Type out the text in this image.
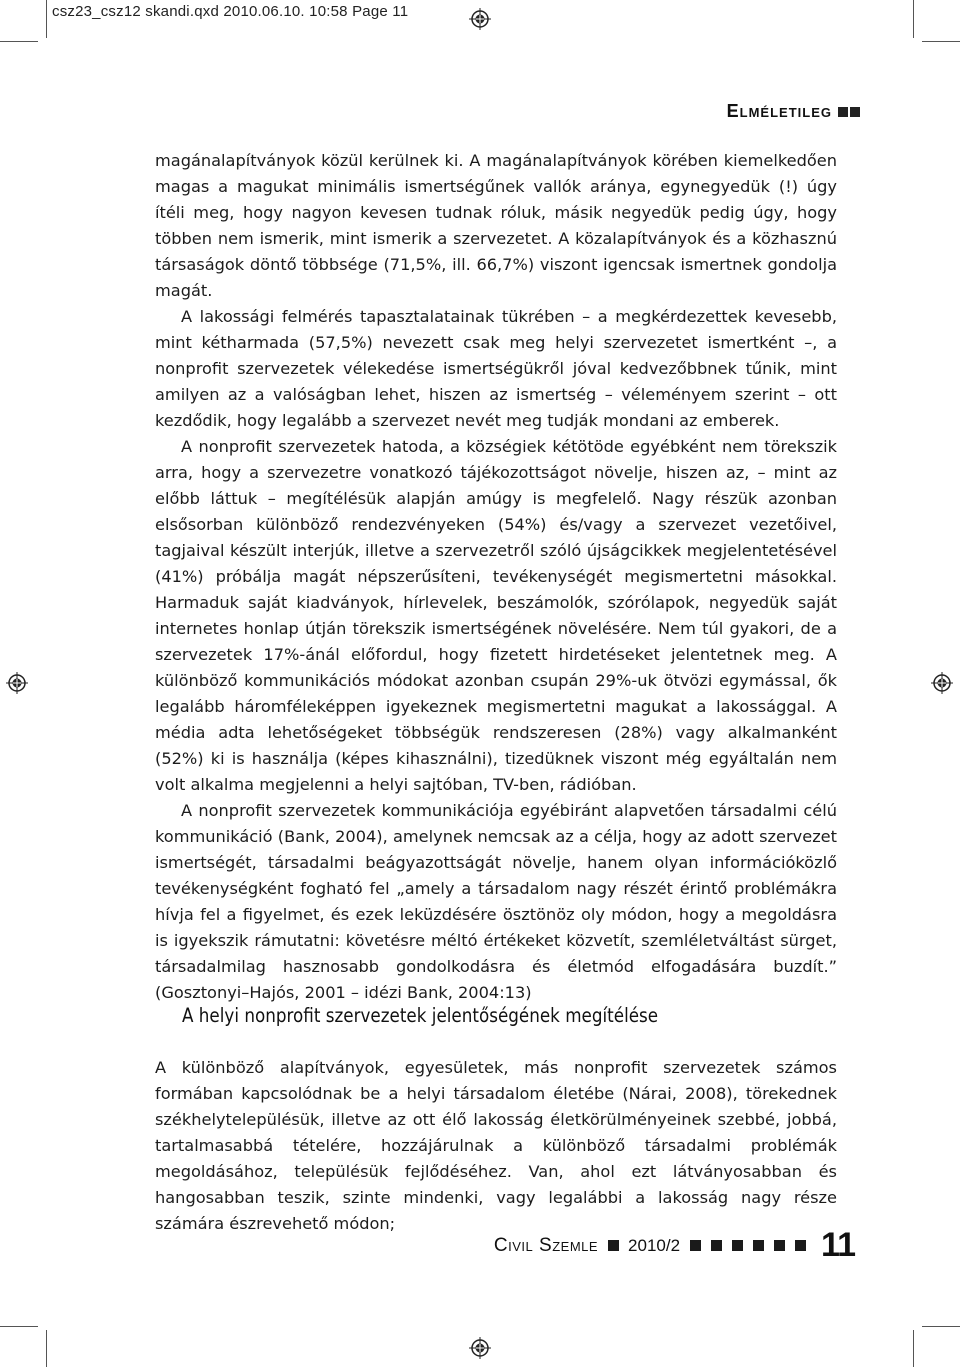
csz23_csz12 skandi.qxd 2010.06.10. 10:58 Page 11
Elméletileg

magánalapítványok közül kerülnek ki. A magánalapítványok körében kiemelkedően magas a magukat minimális ismertségűnek vallók aránya, egynegyedük (!) úgy ítéli meg, hogy nagyon kevesen tudnak róluk, másik negyedük pedig úgy, hogy többen nem ismerik, mint ismerik a szervezetet. A közalapítványok és a közhasznú társaságok döntő többsége (71,5%, ill. 66,7%) viszont igencsak ismertnek gondolja magát.

A lakossági felmérés tapasztalatainak tükrében – a megkérdezettek kevesebb, mint kétharmada (57,5%) nevezett csak meg helyi szervezetet ismertként –, a nonprofit szervezetek vélekedése ismertségükről jóval kedvezőbbnek tűnik, mint amilyen az a valóságban lehet, hiszen az ismertség – véleményem szerint – ott kezdődik, hogy legalább a szervezet nevét meg tudják mondani az emberek.

A nonprofit szervezetek hatoda, a községiek kétötöde egyébként nem törekszik arra, hogy a szervezetre vonatkozó tájékozottságot növelje, hiszen az, – mint az előbb láttuk – megítélésük alapján amúgy is megfelelő. Nagy részük azonban elsősorban különböző rendezvényeken (54%) és/vagy a szervezet vezetőivel, tagjaival készült interjúk, illetve a szervezetről szóló újságcikkek megjelentetésével (41%) próbálja magát népszerűsíteni, tevékenységét megismertetni másokkal. Harmaduk saját kiadványok, hírlevelek, beszámolók, szórólapok, negyedük saját internetes honlap útján törekszik ismertségének növelésére. Nem túl gyakori, de a szervezetek 17%-ánál előfordul, hogy fizetett hirdetéseket jelentetnek meg. A különböző kommunikációs módokat azonban csupán 29%-uk ötvözi egymással, ők legalább háromféleképpen igyekeznek megismertetni magukat a lakossággal. A média adta lehetőségeket többségük rendszeresen (28%) vagy alkalmanként (52%) ki is használja (képes kihasználni), tizedüknek viszont még egyáltalán nem volt alkalma megjelenni a helyi sajtóban, TV-ben, rádióban.

A nonprofit szervezetek kommunikációja egyébiránt alapvetően társadalmi célú kommunikáció (Bank, 2004), amelynek nemcsak az a célja, hogy az adott szervezet ismertségét, társadalmi beágyazottságát növelje, hanem olyan információközlő tevékenységként fogható fel „amely a társadalom nagy részét érintő problémákra hívja fel a figyelmet, és ezek leküzdésére ösztönöz oly módon, hogy a megoldásra is igyekszik rámutatni: követésre méltó értékeket közvetít, szemléletváltást sürget, társadalmilag hasznosabb gondolkodásra és életmód elfogadására buzdít.” (Gosztonyi–Hajós, 2001 – idézi Bank, 2004:13)

A helyi nonprofit szervezetek jelentőségének megítélése

A különböző alapítványok, egyesületek, más nonprofit szervezetek számos formában kapcsolódnak be a helyi társadalom életébe (Nárai, 2008), törekednek székhelytelepülésük, illetve az ott élő lakosság életkörülményeinek szebbé, jobbá, tartalmasabbá tételére, hozzájárulnak a különböző társadalmi problémák megoldásához, településük fejlődéséhez. Van, ahol ezt látványosabban és hangosabban teszik, szinte mindenki, vagy legalábbi a lakosság nagy része számára észrevehető módon;

Civil Szemle 2010/2	11
